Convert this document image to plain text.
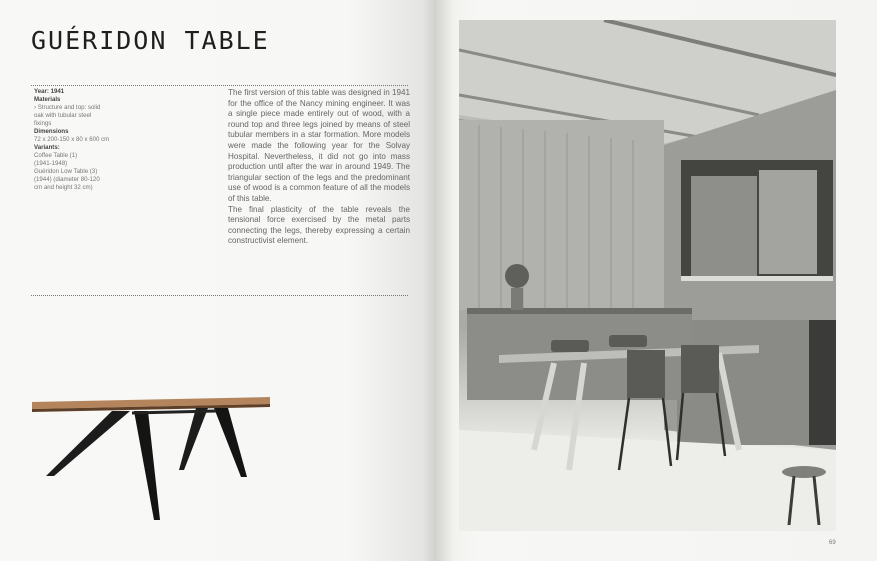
GUÉRIDON TABLE
Year: 1941
Materials
› Structure and top: solid
oak with tubular steel
fixings
Dimensions
72 x 200-150 x 80 x 600 cm
Variants:
Coffee Table (1)
(1941-1948)
Guéridon Low Table (3)
(1944) (diameter 80-120
cm and height 32 cm)
The first version of this table was designed in 1941 for the office of the Nancy mining engineer. It was a single piece made entirely out of wood, with a round top and three legs joined by means of steel tubular members in a star formation. More models were made the following year for the Solvay Hospital. Nevertheless, it did not go into mass production until after the war in around 1949. The triangular section of the legs and the predominant use of wood is a common feature of all the models of this table.
The final plasticity of the table reveals the tensional force exercised by the metal parts connecting the legs, thereby expressing a certain constructivist element.
69
